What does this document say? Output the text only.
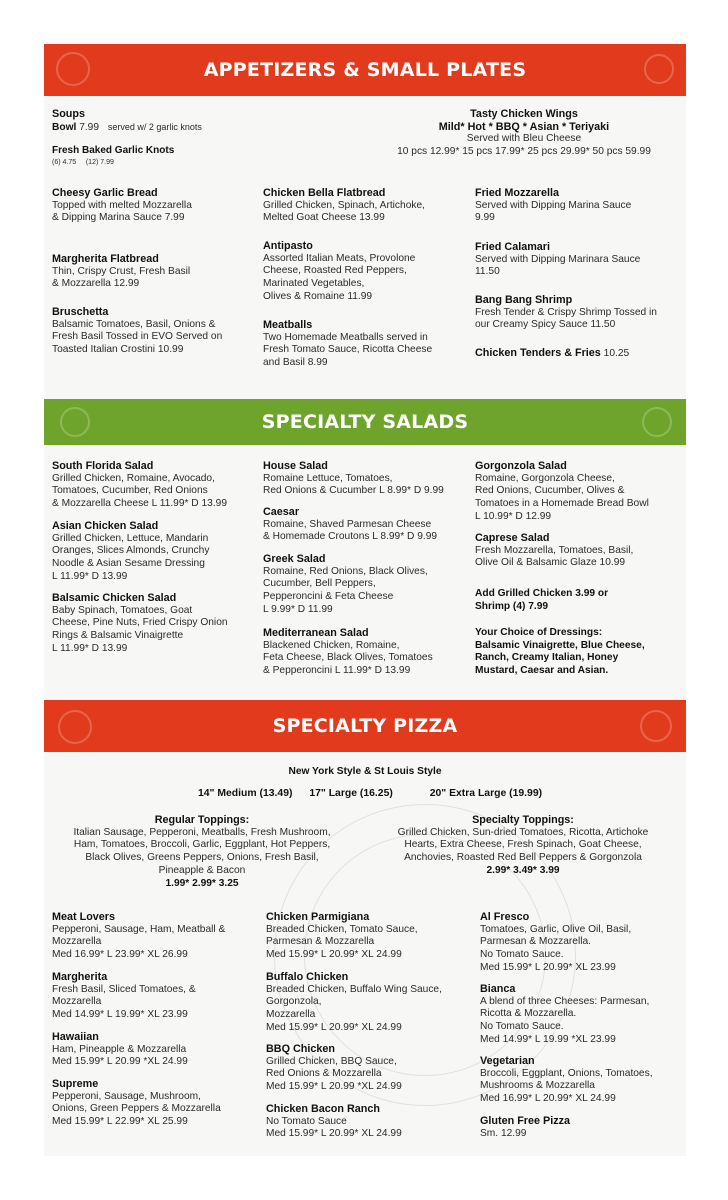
APPETIZERS & SMALL PLATES
Soups
Bowl 7.99 served w/ 2 garlic knots
Fresh Baked Garlic Knots
(6) 4.75     (12) 7.99
Tasty Chicken Wings
Mild* Hot * BBQ * Asian * Teriyaki
Served with Bleu Cheese
10 pcs 12.99* 15 pcs 17.99* 25 pcs 29.99* 50 pcs 59.99
Cheesy Garlic Bread
Topped with melted Mozzarella
& Dipping Marina Sauce 7.99
Margherita Flatbread
Thin, Crispy Crust, Fresh Basil
& Mozzarella 12.99
Bruschetta
Balsamic Tomatoes, Basil, Onions &
Fresh Basil Tossed in EVO Served on
Toasted Italian Crostini 10.99
Chicken Bella Flatbread
Grilled Chicken, Spinach, Artichoke,
Melted Goat Cheese 13.99
Antipasto
Assorted Italian Meats, Provolone
Cheese, Roasted Red Peppers,
Marinated Vegetables,
Olives & Romaine 11.99
Meatballs
Two Homemade Meatballs served in
Fresh Tomato Sauce, Ricotta Cheese
and Basil 8.99
Fried Mozzarella
Served with Dipping Marina Sauce
9.99
Fried Calamari
Served with Dipping Marinara Sauce
11.50
Bang Bang Shrimp
Fresh Tender & Crispy Shrimp Tossed in
our Creamy Spicy Sauce 11.50
Chicken Tenders & Fries 10.25
SPECIALTY SALADS
South Florida Salad
Grilled Chicken, Romaine, Avocado,
Tomatoes, Cucumber, Red Onions
& Mozzarella Cheese L 11.99* D 13.99
Asian Chicken Salad
Grilled Chicken, Lettuce, Mandarin
Oranges, Slices Almonds, Crunchy
Noodle & Asian Sesame Dressing
L 11.99* D 13.99
Balsamic Chicken Salad
Baby Spinach, Tomatoes, Goat
Cheese, Pine Nuts, Fried Crispy Onion
Rings & Balsamic Vinaigrette
L 11.99* D 13.99
House Salad
Romaine Lettuce, Tomatoes,
Red Onions & Cucumber L 8.99* D 9.99
Caesar
Romaine, Shaved Parmesan Cheese
& Homemade Croutons L 8.99* D 9.99
Greek Salad
Romaine, Red Onions, Black Olives,
Cucumber, Bell Peppers,
Pepperoncini & Feta Cheese
L 9.99* D 11.99
Mediterranean Salad
Blackened Chicken, Romaine,
Feta Cheese, Black Olives, Tomatoes
& Pepperoncini L 11.99* D 13.99
Gorgonzola Salad
Romaine, Gorgonzola Cheese,
Red Onions, Cucumber, Olives &
Tomatoes in a Homemade Bread Bowl
L 10.99* D 12.99
Caprese Salad
Fresh Mozzarella, Tomatoes, Basil,
Olive Oil & Balsamic Glaze 10.99
Add Grilled Chicken 3.99 or
Shrimp (4) 7.99
Your Choice of Dressings:
Balsamic Vinaigrette, Blue Cheese,
Ranch, Creamy Italian, Honey
Mustard, Caesar and Asian.
SPECIALTY PIZZA
New York Style & St Louis Style
14" Medium (13.49) 17" Large (16.25)	20" Extra Large (19.99)
Regular Toppings:
Italian Sausage, Pepperoni, Meatballs, Fresh Mushroom,
Ham, Tomatoes, Broccoli, Garlic, Eggplant, Hot Peppers,
Black Olives, Greens Peppers, Onions, Fresh Basil,
Pineapple & Bacon
1.99* 2.99* 3.25
Specialty Toppings:
Grilled Chicken, Sun-dried Tomatoes, Ricotta, Artichoke
Hearts, Extra Cheese, Fresh Spinach, Goat Cheese,
Anchovies, Roasted Red Bell Peppers & Gorgonzola
2.99* 3.49* 3.99
Meat Lovers
Pepperoni, Sausage, Ham, Meatball &
Mozzarella
Med 16.99* L 23.99* XL 26.99
Margherita
Fresh Basil, Sliced Tomatoes, &
Mozzarella
Med 14.99* L 19.99* XL 23.99
Hawaiian
Ham, Pineapple & Mozzarella
Med 15.99* L 20.99 *XL 24.99
Supreme
Pepperoni, Sausage, Mushroom,
Onions, Green Peppers & Mozzarella
Med 15.99* L 22.99* XL 25.99
Chicken Parmigiana
Breaded Chicken, Tomato Sauce,
Parmesan & Mozzarella
Med 15.99* L 20.99* XL 24.99
Buffalo Chicken
Breaded Chicken, Buffalo Wing Sauce,
Gorgonzola,
Mozzarella
Med 15.99* L 20.99* XL 24.99
BBQ Chicken
Grilled Chicken, BBQ Sauce,
Red Onions & Mozzarella
Med 15.99* L 20.99 *XL 24.99
Chicken Bacon Ranch
No Tomato Sauce
Med 15.99* L 20.99* XL 24.99
Al Fresco
Tomatoes, Garlic, Olive Oil, Basil,
Parmesan & Mozzarella.
No Tomato Sauce.
Med 15.99* L 20.99* XL 23.99
Bianca
A blend of three Cheeses: Parmesan,
Ricotta & Mozzarella.
No Tomato Sauce.
Med 14.99* L 19.99 *XL 23.99
Vegetarian
Broccoli, Eggplant, Onions, Tomatoes,
Mushrooms & Mozzarella
Med 16.99* L 20.99* XL 24.99
Gluten Free Pizza
Sm. 12.99
